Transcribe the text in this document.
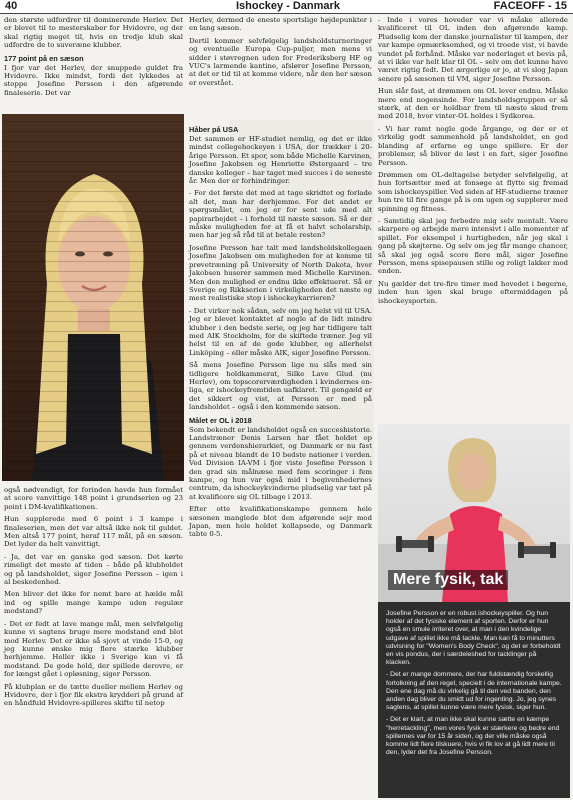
40	Ishockey - Danmark	FACEOFF - 15

den største udfordrer til dominerende Herlev. Det er blevet til to mesterskaber for Hvidovre, og der skal rigtig meget til, hvis en tredje klub skal udfordre de to suveræne klubber.

177 point på en sæson

I fjor var det Herlev, der snuppede guldet fra Hvidovre. Ikke mindst, fordi det lykkedes at stoppe Josefine Persson i den afgørende finaleserie. Det var

også nødvendigt, for forinden havde hun formået at score vanvittige 148 point i grundserien og 23 point i DM-kvalifikationen.

Hun supplerede med 6 point i 3 kampe i finaleserien, men det var altså ikke nok til guldet. Men altså 177 point, heraf 117 mål, på en sæson. Det lyder da helt vanvittigt.

- Ja, det var en ganske god sæson. Det kørte rimeligt det meste af tiden – både på klubholdet og på landsholdet, siger Josefine Persson – igen i al beskedenhed.

Men bliver det ikke for nemt bare at hælde mål ind og spille mange kampe uden regulær modstand?

- Det er fedt at lave mange mål, men selvfølgelig kunne vi sagtens bruge mere modstand end blot mod Herlev. Det er ikke så sjovt at vinde 15-0, og jeg kunne ønske mig flere stærke klubber herhjemme. Heller ikke i Sverige kan vi få modstand. De gode hold, der spillede derovre, er for længst gået i opløsning, siger Persson.

På klubplan er de tætte dueller mellem Herlev og Hvidovre, der i fjor fik ekstra krydderi på grund af en håndfuld Hvidovre-spilleres skifte til netop

Herlev, dermed de eneste sportslige højdepunkter i en lang sæson.

Dertil kommer selvfølgelig landsholdsturneringer og eventuelle Europa Cup-puljer, men mens vi sidder i støvregnen uden for Frederiksberg HF og VUC's larmende kantine, afslører Josefine Persson, at det er tid til at komme videre, når den her sæson er overstået.

Håber på USA

Det sammen er HF-studiet nemlig, og det er ikke mindst collegehockeyen i USA, der trækker i 20-årige Persson. Et spor, som både Michelle Karvinen, Josefine Jakobsen og Henriette Østergaard – tre danske kolleger – har taget med succes i de seneste år. Men der er forhindringer.

- For det første det med at tage skridtet og forlade alt det, man har derhjemme. For det andet er spørgsmålet, om jeg er for sent ude med alt papirarbejdet – i forhold til næste sæson. Så er der måske muligheden for at få et halvt scholarship, men har jeg så råd til at betale resten?

Josefine Persson har talt med landsholdskollegaen Josefine Jakobsen om muligheden for at komme til prøvetræning på University of North Dakota, hvor Jakobsen huserer sammen med Michelle Karvinen. Men den mulighed er endnu ikke effektueret. Så er Sverige og Rikkserien i virkeligheden det næste og mest realistiske stop i ishockeykarrieren?

- Det virker nok sådan, selv om jeg helst vil til USA. Jeg er blevet kontaktet af nogle af de lidt mindre klubber i den bedste serie, og jeg har tidligere talt med AIK Stockholm, for de skiftede træner. Jeg vil helst til en af de gode klubber, og allerhelst Linköping – eller måske AIK, siger Josefine Persson.

Så mens Josefine Persson lige nu slås med sin tidligere holdkammerat, Silke Lave Glud (nu Herlev), om topscorerværdigheden i kvindernes en-liga, er ishockeyfremtiden uafklaret. Til gengæld er det sikkert og vist, at Persson er med på landsholdet – også i den kommende sæson.

Målet er OL i 2018

Som bekendt er landsholdet også en succeshistorie. Landstræner Denis Larsen har fået holdet op gennem verdenshierarkiet, og Danmark er nu fast på et niveau blandt de 10 bedste nationer i verden. Ved Division IA-VM i fjor viste Josefine Persson i den grad sin målnæse med fem scoringer i fem kampe, og hun var også mid i begivenhedernes centrum, da ishockeykvinderne pludselig var tæt på at kvalificere sig OL tilbage i 2013.

Efter otte kvalifikationskampe gennem hele sæsonen manglede blot den afgørende sejr mod Japan, men hele holdet kollapsede, og Danmark tabte 0-5.

- Inde i vores hoveder var vi måske allerede kvalificeret til OL inden den afgørende kamp. Pludselig kom der danske journalister til kampen, der var kampe opmærksomhed, og vi troede vist, vi havde vundet på forhånd. Måske var nederlaget et bevis på, at vi ikke var helt klar til OL – selv om det kunne have været rigtig fedt. Det ærgerlige er jo, at vi slog Japan senere på sæsonen til VM, siger Josefine Persson.

Hun slår fast, at drømmen om OL lever endnu. Måske mere end nogensinde. For landsholdsgruppen er så stærk, at den er holdbar frem til næste skud frem mod 2018, hvor vinter-OL holdes i Sydkorea.

- Vi har ramt nogle gode årgange, og der er et virkelig godt sammenhold på landsholdet, en god blanding af erfarne og unge spillere. Er der problemer, så bliver de løst i en fart, siger Josefine Persson.

Drømmen om OL-deltagelse betyder selvfølgelig, at hun fortsætter med at fonsøge at flytte sig fremad som ishockeyspiller. Ved siden af HF-studierne træner hun tre til fire gange på is om ugen og supplerer med spinning og fitness.

- Samtidig skal jeg forbedre mig selv mentalt. Være skarpere og arbejde mere intensivt i alle momenter af spillet. For eksempel i hurtigheden, når jeg skal i gang på skøjterne. Og selv om jeg får mange chancer, så skal jeg også score flere mål, siger Josefine Persson, mens spisepausen stille og roligt lakker mod enden.

Nu gælder det tre-fire timer med hovedet i bøgerne, inden hun igen skal bruge eftermiddagen på ishockeysporten.

Mere fysik, tak

Josefine Persson er en robust ishockeyspiller. Og hun holder af det fysiske element af sporten. Derfor er hun også en smule irriteret over, at man i den kvindelige udgave af spillet ikke må tackle. Man kan få to minutters udvisning for "Women's Body Check", og det er forbeholdt en vis pondus, der i særdeleshed for tacklinger på klacken.

- Det er mange dommere, der har fuldstændig forskellig fortolkning af den regel, specielt i de internationale kampe. Den ene dag må du virkelig gå til den ved banden, den anden dag bliver du smidt ud for ingenting. Jo, jeg synes sagtens, at spillet kunne være mere fysisk, siger hun.

- Det er klart, at man ikke skal kunne sætte en kæmpe "herretackling", men vores fysik er stærkere og bedre end spillernes var for 15 år siden, og der ville måske også komme lidt flere tilskuere, hvis vi fik lov at gå lidt mere til den, lyder det fra Josefine Persson.
